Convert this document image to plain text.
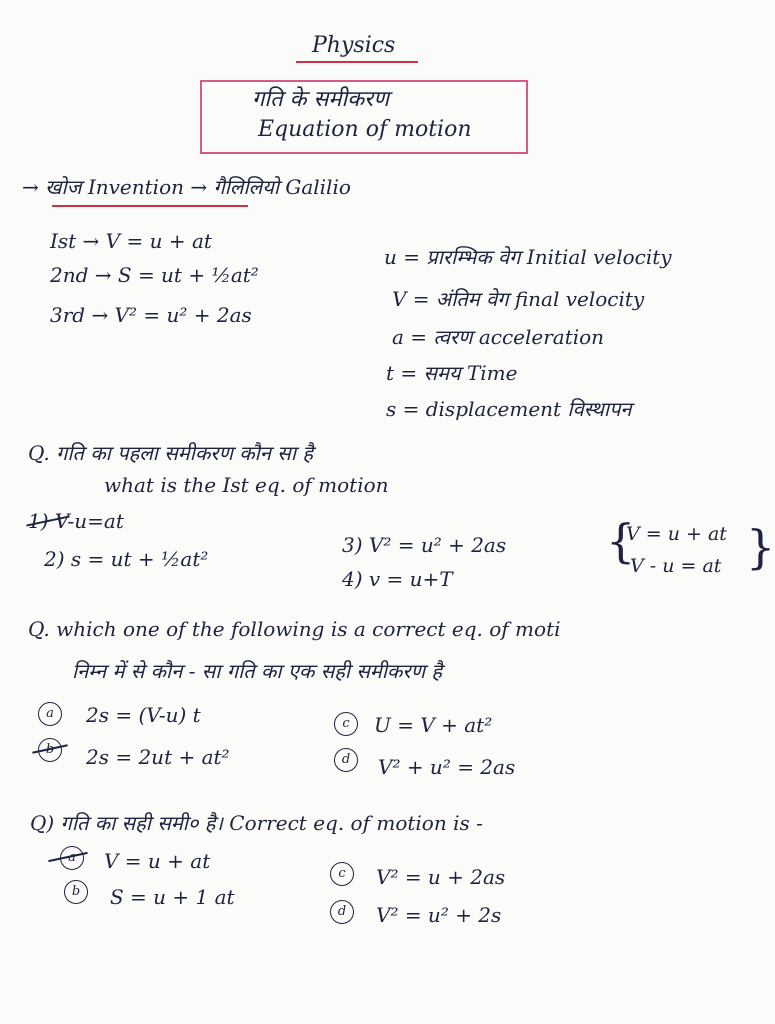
Physics
गति के समीकरण
Equation of motion
→ खोज Invention → गैलिलियो Galilio
Ist → V = u + at
2nd → S = ut + ½at²
3rd → V² = u² + 2as
u = प्रारम्भिक वेग Initial velocity
V = अंतिम वेग final velocity
a = त्वरण acceleration
t = समय Time
s = displacement विस्थापन
Q. गति का पहला समीकरण कौन सा है
what is the Ist eq. of motion
1) V-u=at
2) s = ut + ½at²
3) V² = u² + 2as
4) v = u+T
{
V = u + at
V - u = at }
Q. which one of the following is a correct eq. of moti
निम्न में से कौन - सा गति का एक सही समीकरण है
a	2s = (V-u) t
b	2s = 2ut + at²
c	U = V + at²
d	V² + u² = 2as
Q) गति का सही समी० है। Correct eq. of motion is -
a	V = u + at
b	S = u + 1 at
c	V² = u + 2as
d	V² = u² + 2s
